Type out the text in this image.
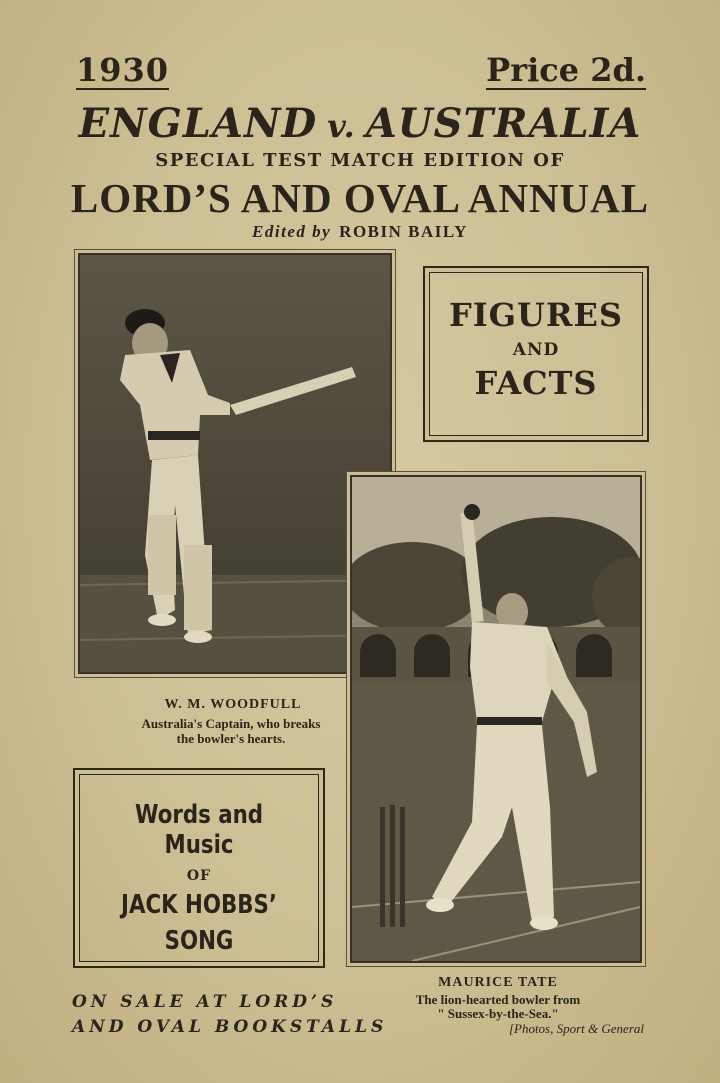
1930	Price 2d.
ENGLAND v. AUSTRALIA
SPECIAL TEST MATCH EDITION OF
LORD’S AND OVAL ANNUAL
Edited by ROBIN BAILY
FIGURES
AND
FACTS
W. M. WOODFULL
Australia's Captain, who breaks
the bowler's hearts.
Words and Music
OF
JACK HOBBS’
SONG
MAURICE TATE
The lion-hearted bowler from
" Sussex-by-the-Sea."
ON SALE AT LORD’S
AND OVAL BOOKSTALLS	[Photos, Sport & General
